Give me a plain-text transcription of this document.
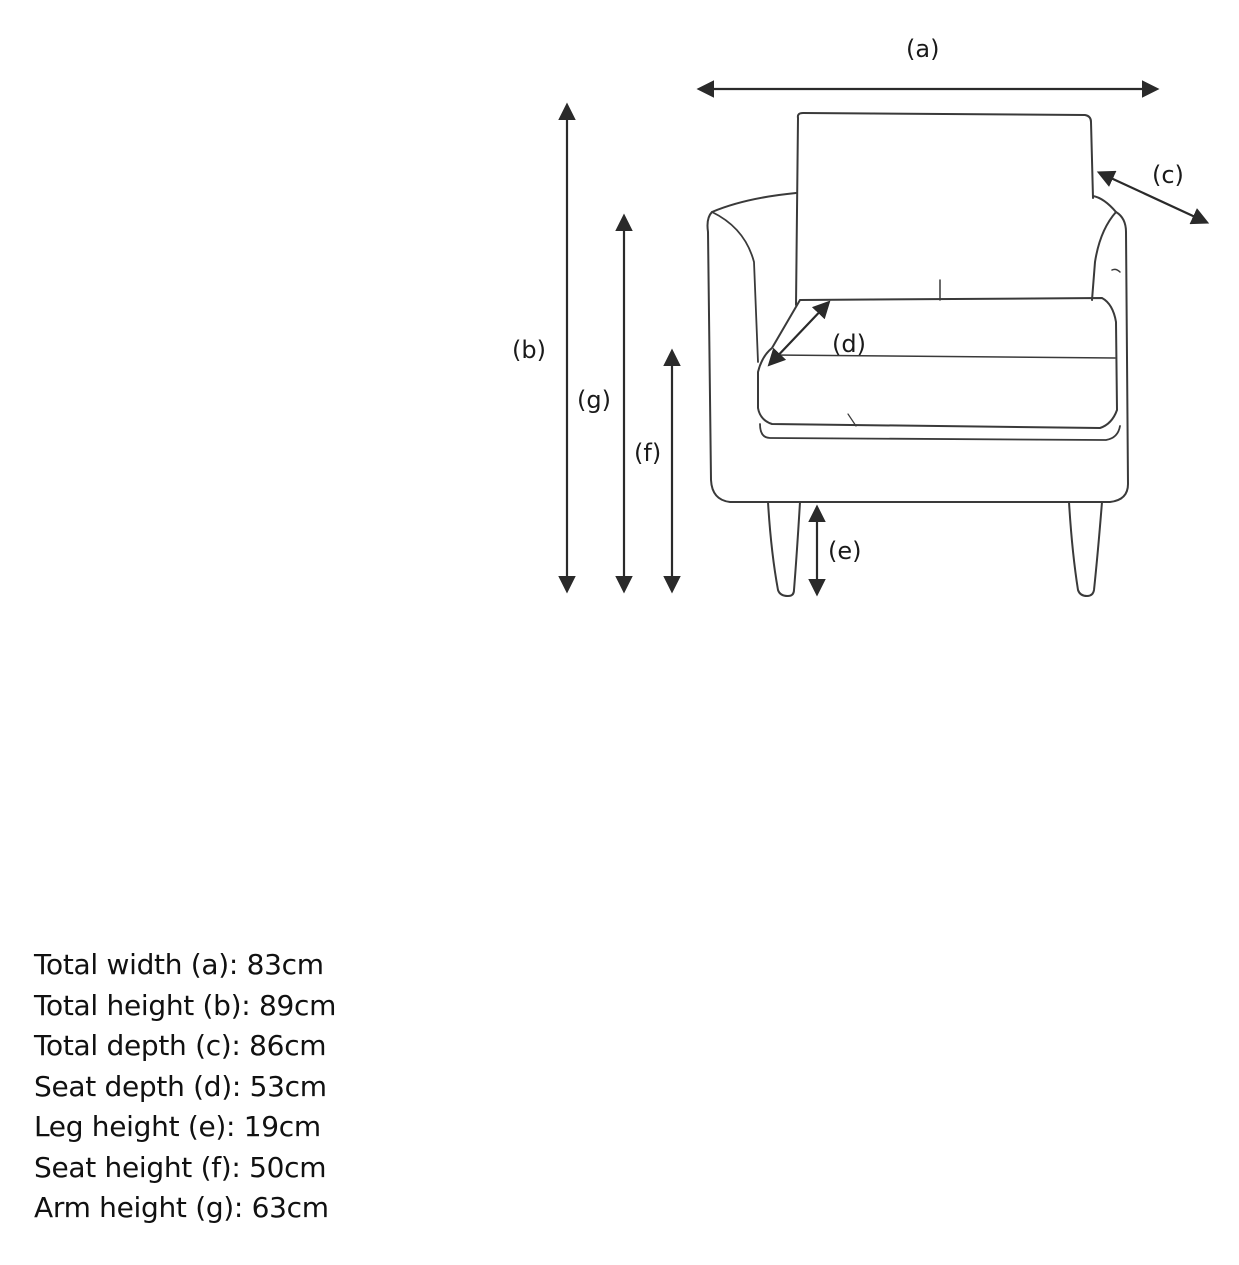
(a)
(b)
(c)
(d)
(e)
(f)
(g)
Total width (a): 83cm
Total height (b): 89cm
Total depth (c): 86cm
Seat depth (d): 53cm
Leg height (e): 19cm
Seat height (f): 50cm
Arm height (g): 63cm
